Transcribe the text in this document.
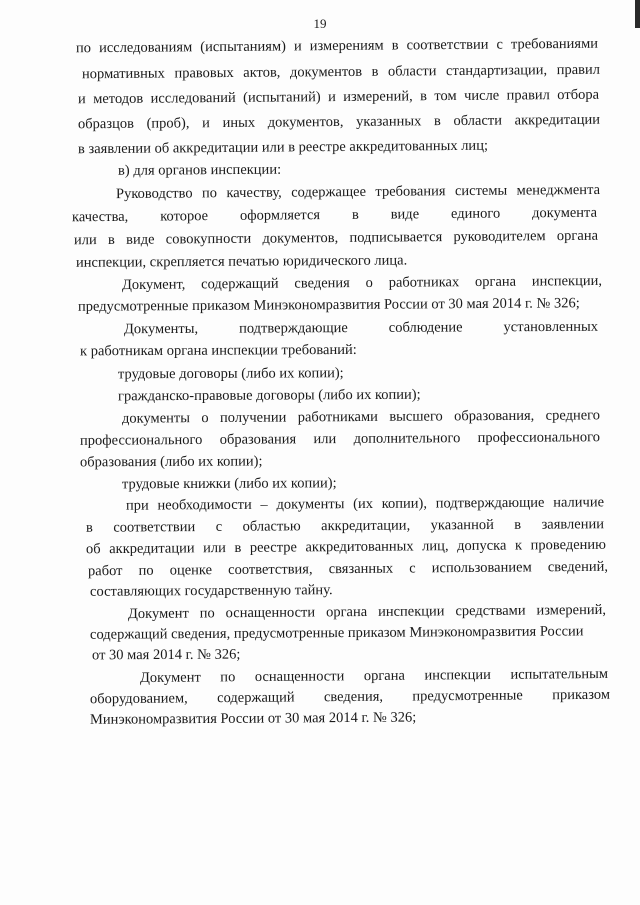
19
по исследованиям (испытаниям) и измерениям в соответствии с требованиями
нормативных правовых актов, документов в области стандартизации, правил
и методов исследований (испытаний) и измерений, в том числе правил отбора
образцов (проб), и иных документов, указанных в области аккредитации
в заявлении об аккредитации или в реестре аккредитованных лиц;
в) для органов инспекции:
Руководство по качеству, содержащее требования системы менеджмента
качества, которое оформляется в виде единого документа
или в виде совокупности документов, подписывается руководителем органа
инспекции, скрепляется печатью юридического лица.
Документ, содержащий сведения о работниках органа инспекции,
предусмотренные приказом Минэкономразвития России от 30 мая 2014 г. № 326;
Документы, подтверждающие соблюдение установленных
к работникам органа инспекции требований:
трудовые договоры (либо их копии);
гражданско-правовые договоры (либо их копии);
документы о получении работниками высшего образования, среднего
профессионального образования или дополнительного профессионального
образования (либо их копии);
трудовые книжки (либо их копии);
при необходимости – документы (их копии), подтверждающие наличие
в соответствии с областью аккредитации, указанной в заявлении
об аккредитации или в реестре аккредитованных лиц, допуска к проведению
работ по оценке соответствия, связанных с использованием сведений,
составляющих государственную тайну.
Документ по оснащенности органа инспекции средствами измерений,
содержащий сведения, предусмотренные приказом Минэкономразвития России
от 30 мая 2014 г. № 326;
Документ по оснащенности органа инспекции испытательным
оборудованием, содержащий сведения, предусмотренные приказом
Минэкономразвития России от 30 мая 2014 г. № 326;
